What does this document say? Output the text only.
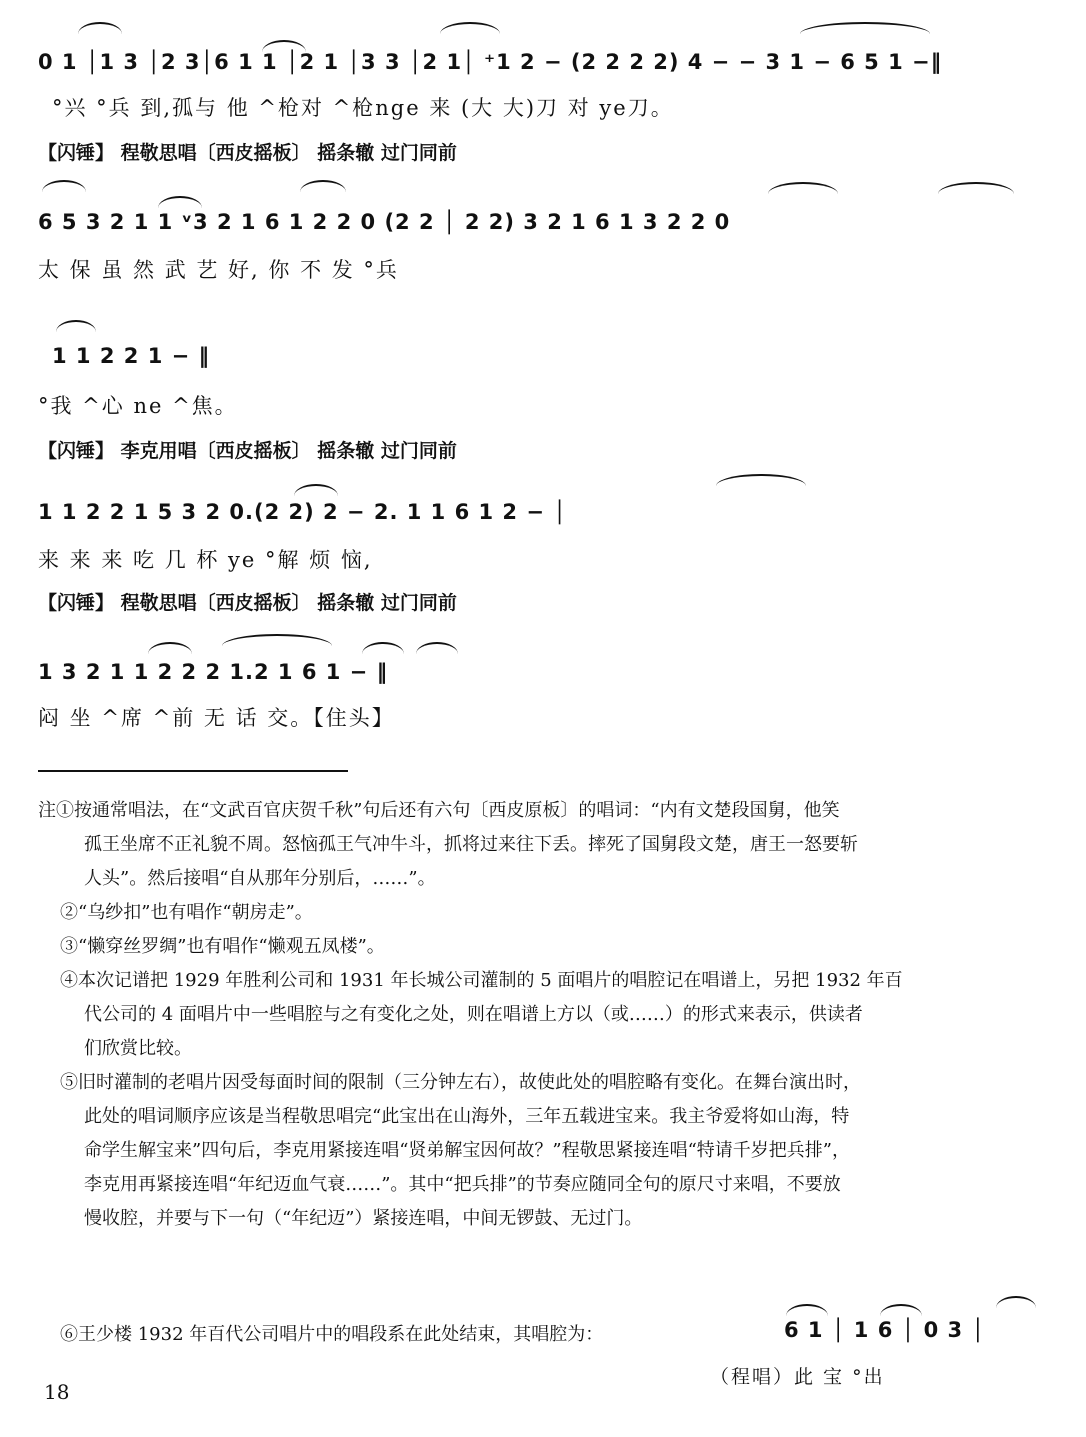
0 1 │1 3 │2 3│6 1 1 │2 1 │3 3 │2 1│ ⁺1 2 − (2 2 2 2) 4 − − 3 1 − 6 5 1 −‖
°兴 °兵 到,孤与 他 ^枪对 ^枪nge 来 (大 大)刀 对 ye刀。
【闪锤】 程敬思唱〔西皮摇板〕 摇条辙 过门同前
6 5 3 2 1 1 ᵛ3 2 1 6 1 2 2 0 (2 2 │ 2 2) 3 2 1 6 1 3 2 2 0
太 保 虽 然 武 艺 好, 你 不 发 °兵
1 1 2 2 1 − ‖
°我 ^心 ne ^焦。
【闪锤】 李克用唱〔西皮摇板〕 摇条辙 过门同前
1 1 2 2 1 5 3 2 0.(2 2) 2 − 2. 1 1 6 1 2 − │
来 来 来 吃 几 杯 ye °解 烦 恼,
【闪锤】 程敬思唱〔西皮摇板〕 摇条辙 过门同前
1 3 2 1 1 2 2 2 1.2 1 6 1 − ‖
闷 坐 ^席 ^前 无 话 交。【住头】

注①按通常唱法，在“文武百官庆贺千秋”句后还有六句〔西皮原板〕的唱词：“内有文楚段国舅，他笑

孤王坐席不正礼貌不周。怒恼孤王气冲牛斗，抓将过来往下丢。摔死了国舅段文楚，唐王一怒要斩

人头”。然后接唱“自从那年分别后，……”。

②“乌纱扣”也有唱作“朝房走”。

③“懒穿丝罗绸”也有唱作“懒观五凤楼”。

④本次记谱把 1929 年胜利公司和 1931 年长城公司灌制的 5 面唱片的唱腔记在唱谱上，另把 1932 年百

代公司的 4 面唱片中一些唱腔与之有变化之处，则在唱谱上方以（或……）的形式来表示，供读者

们欣赏比较。

⑤旧时灌制的老唱片因受每面时间的限制（三分钟左右），故使此处的唱腔略有变化。在舞台演出时，

此处的唱词顺序应该是当程敬思唱完“此宝出在山海外，三年五载进宝来。我主爷爱将如山海，特

命学生解宝来”四句后，李克用紧接连唱“贤弟解宝因何故？”程敬思紧接连唱“特请千岁把兵排”，

李克用再紧接连唱“年纪迈血气衰……”。其中“把兵排”的节奏应随同全句的原尺寸来唱，不要放

慢收腔，并要与下一句（“年纪迈”）紧接连唱，中间无锣鼓、无过门。

⑥王少楼 1932 年百代公司唱片中的唱段系在此处结束，其唱腔为：	6 1 │ 1 6 │ 0 3 │
（程唱）此 宝 °出
18
